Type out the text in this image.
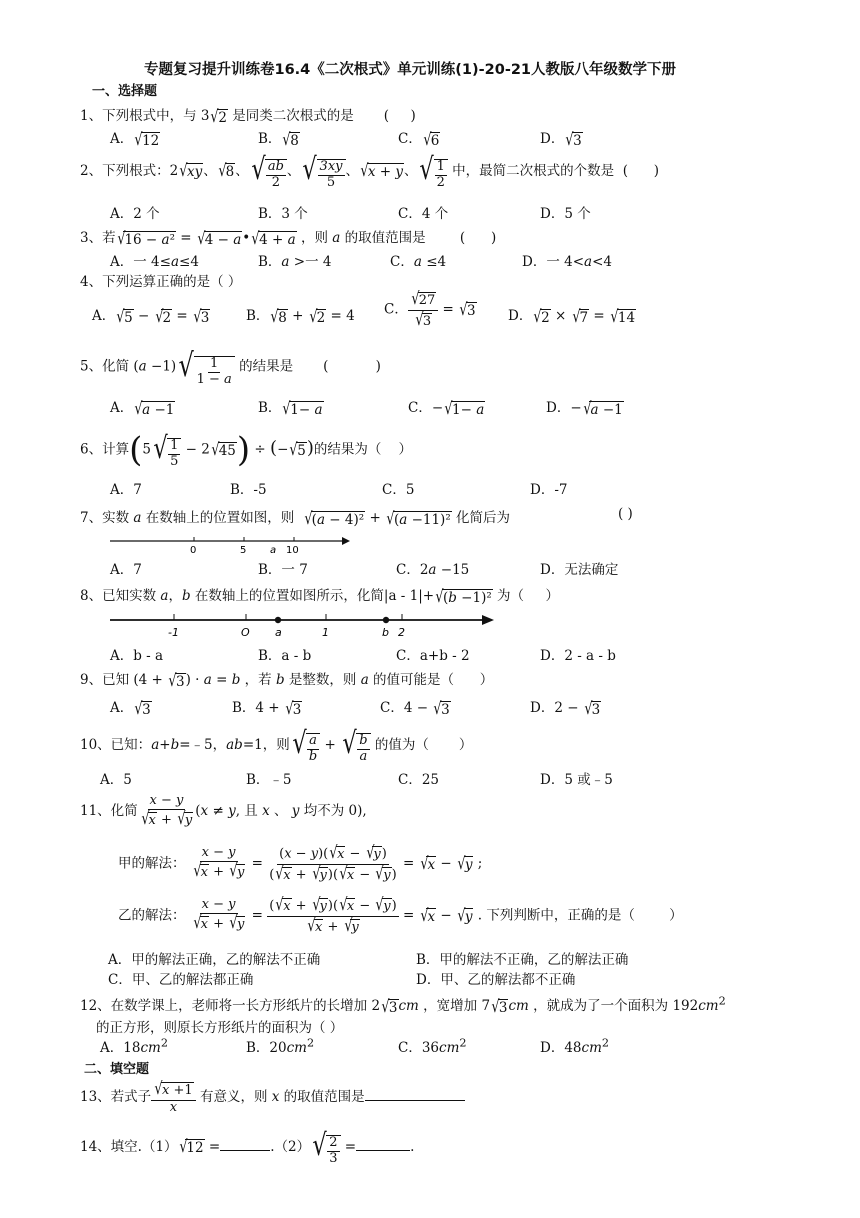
专题复习提升训练卷16.4《二次根式》单元训练(1)-20-21人教版八年级数学下册
一、选择题
1、下列根式中，与 3√2 是同类二次根式的是       (     )
A．√12	B．√8	C．√6	D．√3
2、下列根式：2√xy、√8、√ $\frac{ab}{2}$ 、√ $\frac{3xy}{5}$ 、√x + y、√ $\frac{1}{2}$ 中，最简二次根式的个数是  (      )
A．2 个	B．3 个	C．4 个	D．5 个
3、若√16 − a² = √4 − a•√4 + a ，则 a 的取值范围是        (      )
A．一 4≤a≤4	B．a >一 4	C．a ≤4	D．一 4<a<4
4、下列运算正确的是（ ）
A．√5 − √2 = √3	B．√8 + √2 = 4 C． $\frac{√27}{√3} = √3$ D．√2 × √7 = √14
5、化简 $(a -1)√ \frac{1}{1 - a}$ 的结果是       (           )
A．√a −1	B．√1− a	C．−√1− a	D．−√a −1
6、计算$(5√ \frac{1}{5} - 2√45) \div (-√5)$的结果为（    ）
A．7	B．-5	C．5	D．-7
7、实数 a 在数轴上的位置如图，则  √(a − 4)² + √(a −11)² 化简后为	( )
0	5 a 10
A．7	B．一 7	C．2a −15	D．无法确定
8、已知实数 a，b 在数轴上的位置如图所示，化简|a - 1|+√(b −1)² 为（     ）
-1	O a	1	b 2
A．b - a	B．a - b	C．a+b - 2	D．2 - a - b
9、已知 (4 + √3) · a = b ，若 b 是整数，则 a 的值可能是（      ）
A．√3	B．4 + √3	C．4 − √3	D．2 − √3
10、已知：a+b=﹣5，ab=1，则√ $\frac{a}{b}$ + √ $\frac{b}{a}$ 的值为（       ）
A．5	B．﹣5	C．25	D．5 或﹣5
11、化简 $\frac{x - y}{√x + √y} (x \ne y$, 且 x 、 y 均不为 0),
甲的解法： $\frac{x - y}{√x + √y} = \frac{(x - y)(√x - √y)}{(√x + √y)(√x - √y)} = √x - √y$ ;
乙的解法： $\frac{x - y}{√x + √y} = \frac{(√x + √y)(√x - √y)}{√x + √y} = √x - √y$ . 下列判断中，正确的是（        ）
A．甲的解法正确，乙的解法不正确	B．甲的解法不正确，乙的解法正确
C．甲、乙的解法都正确	D．甲、乙的解法都不正确
12、在数学课上，老师将一长方形纸片的长增加 2√3cm ，宽增加 7√3cm ，就成为了一个面积为 $192cm^2$
的正方形，则原长方形纸片的面积为（ ）
A．$18cm^2$	B．$20cm^2$	C．$36cm^2$	D．$48cm^2$
二、填空题
13、若式子 $\frac{√x +1}{x}$ 有意义，则 x 的取值范围是
14、填空.（1）√12 =	$.(2)√ \frac{2}{3}$ =	.
